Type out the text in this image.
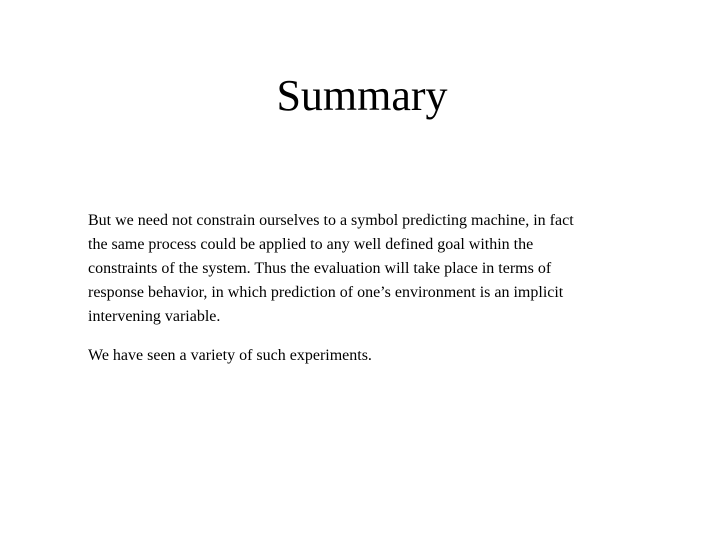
Summary

But we need not constrain ourselves to a symbol predicting machine, in fact
the same process could be applied to any well defined goal within the
constraints of the system. Thus the evaluation will take place in terms of
response behavior, in which prediction of one’s environment is an implicit
intervening variable.

We have seen a variety of such experiments.
